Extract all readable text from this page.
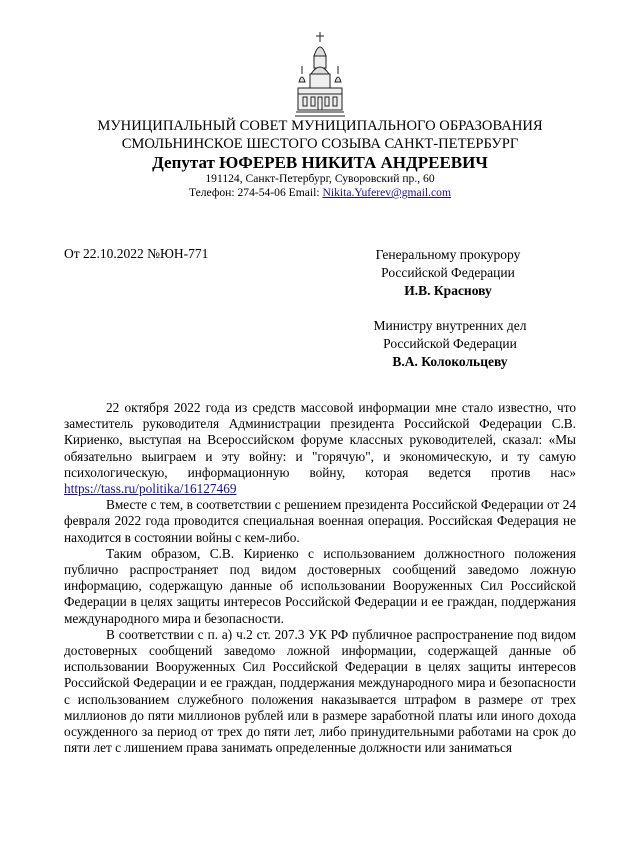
МУНИЦИПАЛЬНЫЙ СОВЕТ МУНИЦИПАЛЬНОГО ОБРАЗОВАНИЯ
СМОЛЬНИНСКОЕ ШЕСТОГО СОЗЫВА САНКТ-ПЕТЕРБУРГ
Депутат ЮФЕРЕВ НИКИТА АНДРЕЕВИЧ
191124, Санкт-Петербург, Суворовский пр., 60
Телефон: 274-54-06 Email: Nikita.Yuferev@gmail.com
От 22.10.2022 №ЮН-771	Генеральному прокурору
Российской Федерации
И.В. Краснову
Министру внутренних дел
Российской Федерации
В.А. Колокольцеву

22 октября 2022 года из средств массовой информации мне стало известно, что заместитель руководителя Администрации президента Российской Федерации С.В. Кириенко, выступая на Всероссийском форуме классных руководителей, сказал: «Мы обязательно выиграем и эту войну: и "горячую", и экономическую, и ту самую психологическую, информационную войну, которая ведется против нас» https://tass.ru/politika/16127469

Вместе с тем, в соответствии с решением президента Российской Федерации от 24 февраля 2022 года проводится специальная военная операция. Российская Федерация не находится в состоянии войны с кем-либо.

Таким образом, С.В. Кириенко с использованием должностного положения публично распространяет под видом достоверных сообщений заведомо ложную информацию, содержащую данные об использовании Вооруженных Сил Российской Федерации в целях защиты интересов Российской Федерации и ее граждан, поддержания международного мира и безопасности.

В соответствии с п. а) ч.2 ст. 207.3 УК РФ публичное распространение под видом достоверных сообщений заведомо ложной информации, содержащей данные об использовании Вооруженных Сил Российской Федерации в целях защиты интересов Российской Федерации и ее граждан, поддержания международного мира и безопасности с использованием служебного положения наказывается штрафом в размере от трех миллионов до пяти миллионов рублей или в размере заработной платы или иного дохода осужденного за период от трех до пяти лет, либо принудительными работами на срок до пяти лет с лишением права занимать определенные должности или заниматься
